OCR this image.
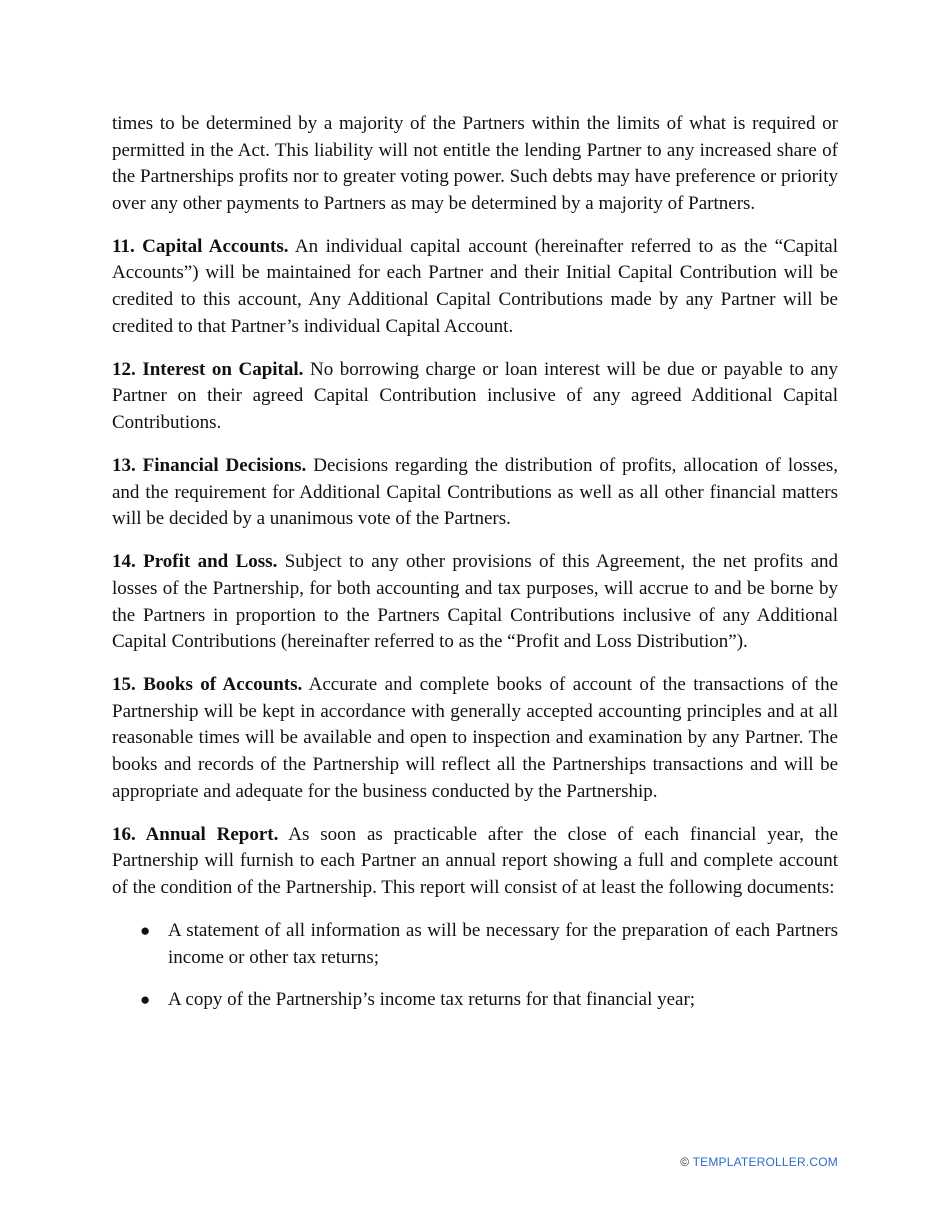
times to be determined by a majority of the Partners within the limits of what is required or permitted in the Act. This liability will not entitle the lending Partner to any increased share of the Partnerships profits nor to greater voting power. Such debts may have preference or priority over any other payments to Partners as may be determined by a majority of Partners.

11. Capital Accounts. An individual capital account (hereinafter referred to as the “Capital Accounts”) will be maintained for each Partner and their Initial Capital Contribution will be credited to this account, Any Additional Capital Contributions made by any Partner will be credited to that Partner’s individual Capital Account.

12. Interest on Capital. No borrowing charge or loan interest will be due or payable to any Partner on their agreed Capital Contribution inclusive of any agreed Additional Capital Contributions.

13. Financial Decisions. Decisions regarding the distribution of profits, allocation of losses, and the requirement for Additional Capital Contributions as well as all other financial matters will be decided by a unanimous vote of the Partners.

14. Profit and Loss. Subject to any other provisions of this Agreement, the net profits and losses of the Partnership, for both accounting and tax purposes, will accrue to and be borne by the Partners in proportion to the Partners Capital Contributions inclusive of any Additional Capital Contributions (hereinafter referred to as the “Profit and Loss Distribution”).

15. Books of Accounts. Accurate and complete books of account of the transactions of the Partnership will be kept in accordance with generally accepted accounting principles and at all reasonable times will be available and open to inspection and examination by any Partner. The books and records of the Partnership will reflect all the Partnerships transactions and will be appropriate and adequate for the business conducted by the Partnership.

16. Annual Report. As soon as practicable after the close of each financial year, the Partnership will furnish to each Partner an annual report showing a full and complete account of the condition of the Partnership. This report will consist of at least the following documents:

● A statement of all information as will be necessary for the preparation of each Partners income or other tax returns;
● A copy of the Partnership’s income tax returns for that financial year;
© TEMPLATEROLLER.COM
